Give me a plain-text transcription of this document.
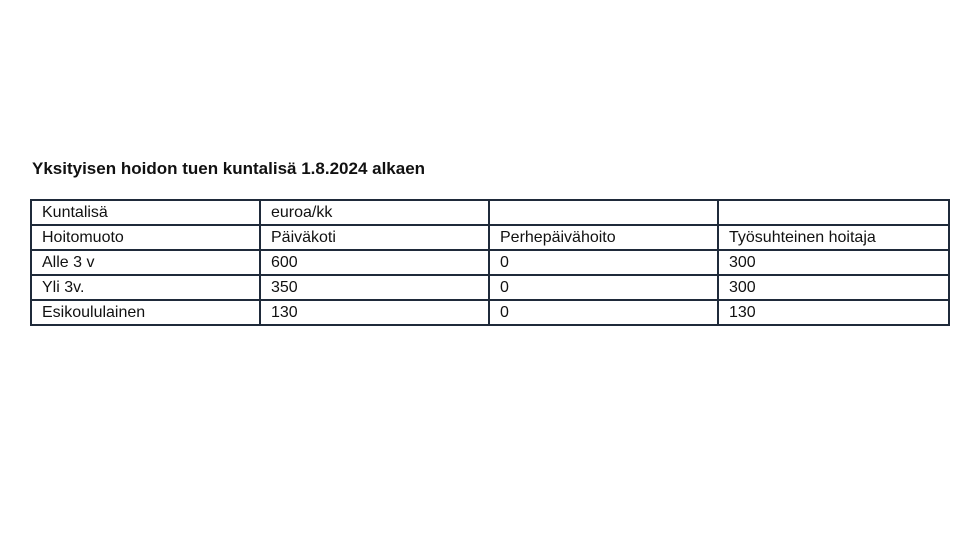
Yksityisen hoidon tuen kuntalisä 1.8.2024 alkaen
Kuntalisä	euroa/kk		
Hoitomuoto	Päiväkoti	Perhepäivähoito	Työsuhteinen hoitaja
Alle 3 v	600	0	300
Yli 3v.	350	0	300
Esikoululainen	130	0	130
